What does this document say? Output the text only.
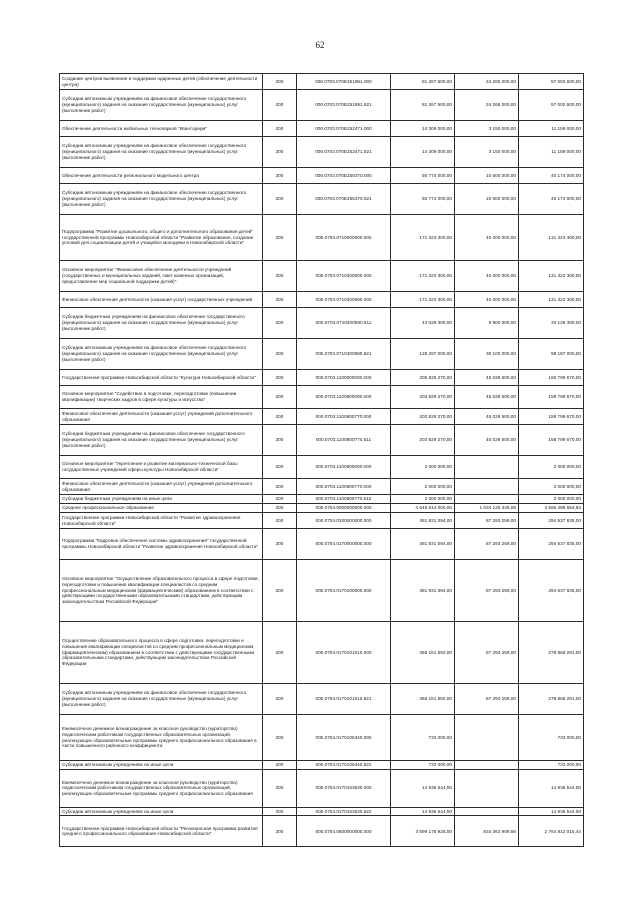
62
Создание центров выявления и поддержки одаренных детей (обеспечение деятельности центра)	200	000.0703.070Е251891.000	81 267 600,00	24 265 000,00	57 002 600,00
Субсидии автономным учреждениям на финансовое обеспечение государственного (муниципального) задания на оказание государственных (муниципальных) услуг (выполнение работ)	200	000.0703.070Е251891.621	81 267 600,00	24 265 000,00	57 002 600,00
Обеспечение деятельности мобильных технопарков "Кванториум"	200	000.0703.070Е252471.000	14 309 000,00	3 150 000,00	11 159 000,00
Субсидии автономным учреждениям на финансовое обеспечение государственного (муниципального) задания на оказание государственных (муниципальных) услуг (выполнение работ)	200	000.0703.070Е252471.621	14 309 000,00	3 150 000,00	11 159 000,00
Обеспечение деятельности регионального модельного центра	200	000.0703.070Е255370.000	50 774 000,00	10 600 000,00	40 174 000,00
Субсидии автономным учреждениям на финансовое обеспечение государственного (муниципального) задания на оказание государственных (муниципальных) услуг (выполнение работ)	200	000.0703.070Е255370.621	50 774 000,00	10 600 000,00	40 174 000,00
Подпрограмма "Развитие дошкольного, общего и дополнительного образования детей" государственной программы Новосибирской области "Развитие образования, создание условий для социализации детей и учащейся молодежи в Новосибирской области"	200	000.0703.0710000000.000	171 323 300,00	40 000 000,00	131 323 300,00
Основное мероприятие "Финансовое обеспечение деятельности учреждений (государственных и муниципальных заданий, смет казенных организаций, предоставление мер социальной поддержки детей)"	200	000.0703.0710400000.000	171 323 300,00	40 000 000,00	131 323 300,00
Финансовое обеспечение деятельности (оказания услуг) государственных учреждений	200	000.0703.0710400590.000	171 323 300,00	40 000 000,00	131 323 300,00
Субсидии бюджетным учреждениям на финансовое обеспечение государственного (муниципального) задания на оказание государственных (муниципальных) услуг (выполнение работ)	200	000.0703.0710400590.611	43 026 300,00	9 900 000,00	33 126 300,00
Субсидии автономным учреждениям на финансовое обеспечение государственного (муниципального) задания на оказание государственных (муниципальных) услуг (выполнение работ)	200	000.0703.0710400590.621	128 297 000,00	30 100 000,00	98 197 000,00
Государственная программа Новосибирской области "Культура Новосибирской области"	200	000.0703.1100000000.000	205 829 270,00	45 029 600,00	160 799 670,00
Основное мероприятие "Содействие в подготовке, переподготовке (повышении квалификации) творческих кадров в сфере культуры и искусства"	200	000.0703.1100800000.000	203 829 270,00	45 029 600,00	158 799 670,00
Финансовое обеспечение деятельности (оказания услуг) учреждений дополнительного образования	200	000.0703.1100800770.000	203 829 270,00	45 029 600,00	158 799 670,00
Субсидии бюджетным учреждениям на финансовое обеспечение государственного (муниципального) задания на оказание государственных (муниципальных) услуг (выполнение работ)	200	000.0703.1100800770.611	203 829 270,00	45 029 600,00	158 799 670,00
Основное мероприятие "Укрепление и развитие материально-технической базы государственных учреждений сферы культуры Новосибирской области"	200	000.0703.1100900000.000	2 000 000,00		2 000 000,00
Финансовое обеспечение деятельности (оказания услуг) учреждений дополнительного образования	200	000.0703.1100900770.000	2 000 000,00		2 000 000,00
Субсидии бюджетным учреждениям на иные цели	200	000.0703.1100900770.612	2 000 000,00		2 000 000,00
Среднее профессиональное образование	200	000.0704.0000000000.000	4 545 614 000,00	1 034 125 345,08	3 566 488 654,94
Государственная программа Новосибирской области "Развитие здравоохранения Новосибирской области"	200	000.0704.0100000000.000	381 831 094,00	87 293 259,00	294 537 835,00
Подпрограмма "Кадровое обеспечение системы здравоохранения" государственной программы Новосибирской области "Развитие здравоохранения Новосибирской области"	200	000.0704.0170000000.000	381 831 094,00	87 293 259,00	294 537 835,00
Основное мероприятие "Осуществление образовательного процесса в сфере подготовки, переподготовки и повышения квалификации специалистов со средним профессиональным медицинским (фармацевтическим) образованием в соответствии с действующими государственными образовательными стандартами, действующим законодательством Российской Федерации"	200	000.0704.0170100000.000	381 831 094,00	87 293 259,00	294 537 835,00
Осуществление образовательного процесса в сфере подготовки, переподготовки и повышения квалификации специалистов со средним профессиональным медицинским (фармацевтическим) образованием в соответствии с действующими государственными образовательными стандартами, действующим законодательством Российской Федерации	200	000.0704.0170101010.000	366 161 550,00	87 293 259,00	278 868 291,00
Субсидии автономным учреждениям на финансовое обеспечение государственного (муниципального) задания на оказание государственных (муниципальных) услуг (выполнение работ)	200	000.0704.0170101010.621	366 161 550,00	87 293 259,00	278 868 291,00
Ежемесячное денежное вознаграждение за классное руководство (кураторство) педагогическим работникам государственных образовательных организаций, реализующих образовательные программы среднего профессионального образования в части повышенного районного коэффициента	200	000.0704.0170106340.000	733 000,00		733 000,00
Субсидии автономным учреждениям на иные цели	200	000.0704.0170106340.622	733 000,00		733 000,00
Ежемесячное денежное вознаграждение за классное руководство (кураторство) педагогическим работникам государственных образовательных организаций, реализующих образовательные программы среднего профессионального образования	200	000.0704.0170153630.000	14 936 544,00		14 936 544,00
Субсидии автономным учреждениям на иные цели	200	000.0704.0170153630.622	14 936 544,00		14 936 544,00
Государственная программа Новосибирской области "Региональная программа развития среднего профессионального образования Новосибирской области"	200	000.0704.0600000000.000	3 599 175 925,00	834 363 909,56	2 764 812 015,44
